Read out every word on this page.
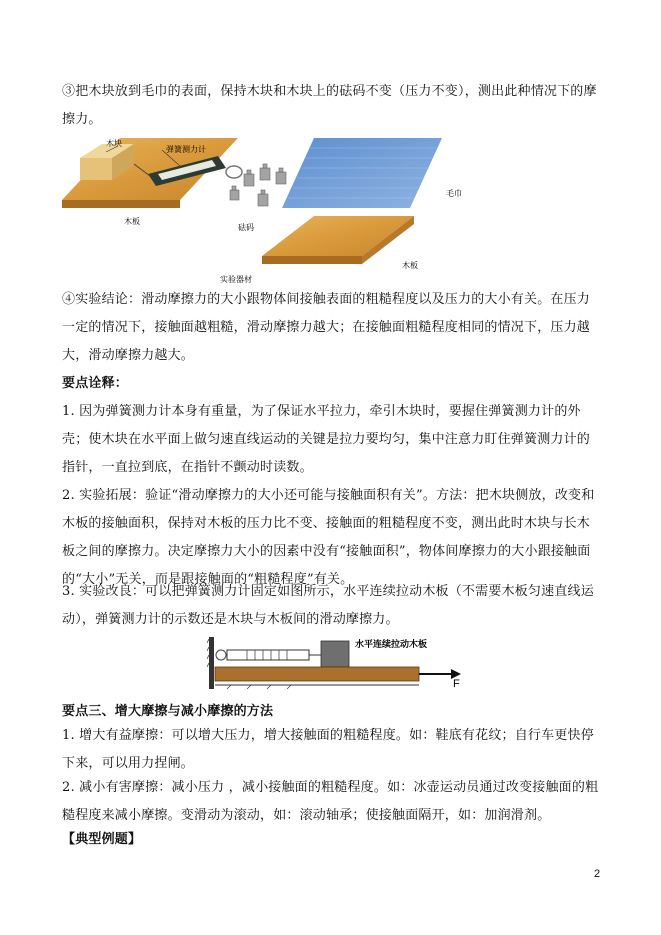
③把木块放到毛巾的表面，保持木块和木块上的砝码不变（压力不变），测出此种情况下的摩擦力。

木块
弹簧测力计
木板
砝码
毛巾
木板
实验器材

④实验结论：滑动摩擦力的大小跟物体间接触表面的粗糙程度以及压力的大小有关。在压力一定的情况下，接触面越粗糙，滑动摩擦力越大；在接触面粗糙程度相同的情况下，压力越大，滑动摩擦力越大。

要点诠释：

1. 因为弹簧测力计本身有重量，为了保证水平拉力，牵引木块时，要握住弹簧测力计的外壳；使木块在水平面上做匀速直线运动的关键是拉力要均匀，集中注意力盯住弹簧测力计的指针，一直拉到底，在指针不颤动时读数。

2. 实验拓展：验证“滑动摩擦力的大小还可能与接触面积有关”。方法：把木块侧放，改变和木板的接触面积，保持对木板的压力比不变、接触面的粗糙程度不变，测出此时木块与长木板之间的摩擦力。决定摩擦力大小的因素中没有“接触面积”，物体间摩擦力的大小跟接触面的“大小”无关，而是跟接触面的“粗糙程度”有关。

3. 实验改良：可以把弹簧测力计固定如图所示，水平连续拉动木板（不需要木板匀速直线运动），弹簧测力计的示数还是木块与木板间的滑动摩擦力。

水平连续拉动木板
F

要点三、增大摩擦与减小摩擦的方法

1. 增大有益摩擦：可以增大压力，增大接触面的粗糙程度。如：鞋底有花纹；自行车更快停下来，可以用力捏闸。

2. 减小有害摩擦：减小压力 ，减小接触面的粗糙程度。如：冰壶运动员通过改变接触面的粗糙程度来减小摩擦。变滑动为滚动，如：滚动轴承；使接触面隔开，如：加润滑剂。

【典型例题】

2
